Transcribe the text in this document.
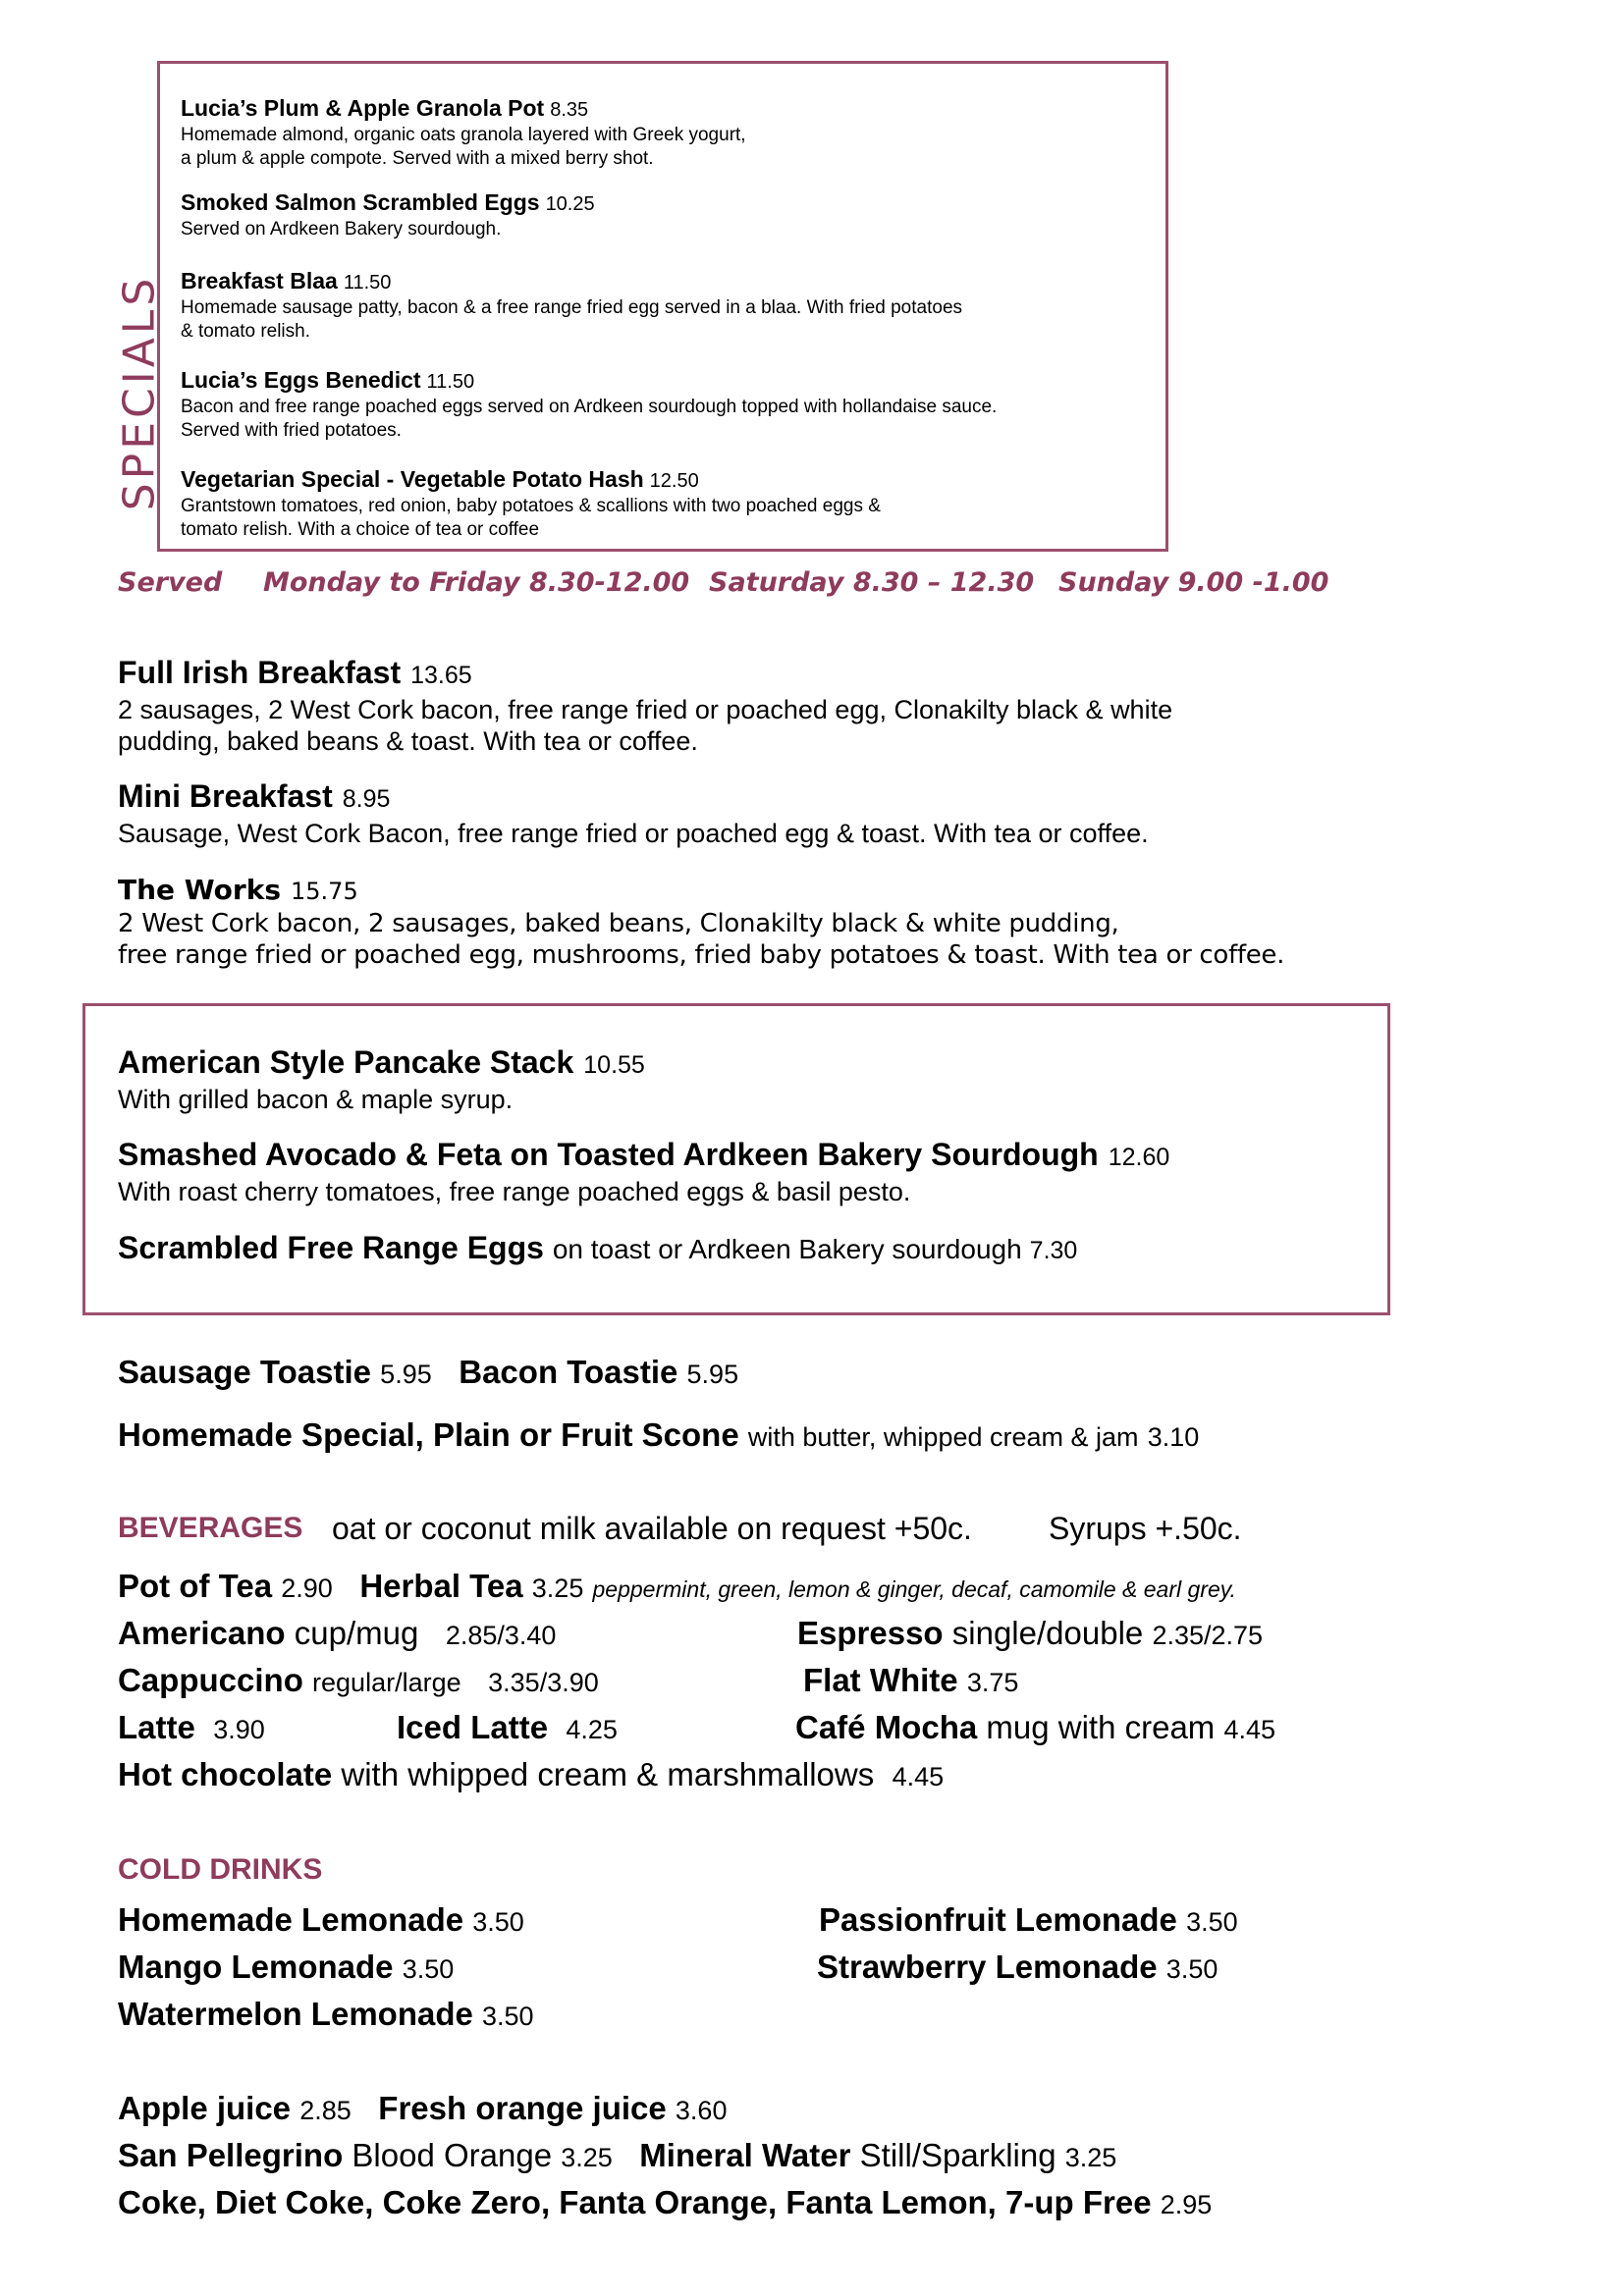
SPECIALS
Lucia’s Plum & Apple Granola Pot 8.35
Homemade almond, organic oats granola layered with Greek yogurt,
a plum & apple compote. Served with a mixed berry shot.
Smoked Salmon Scrambled Eggs 10.25
Served on Ardkeen Bakery sourdough.
Breakfast Blaa 11.50
Homemade sausage patty, bacon & a free range fried egg served in a blaa. With fried potatoes
& tomato relish.
Lucia’s Eggs Benedict 11.50
Bacon and free range poached eggs served on Ardkeen sourdough topped with hollandaise sauce.
Served with fried potatoes.
Vegetarian Special - Vegetable Potato Hash 12.50
Grantstown tomatoes, red onion, baby potatoes & scallions with two poached eggs &
tomato relish. With a choice of tea or coffee
Served Monday to Friday 8.30-12.00 Saturday 8.30 – 12.30 Sunday 9.00 -1.00
Full Irish Breakfast 13.65
2 sausages, 2 West Cork bacon, free range fried or poached egg, Clonakilty black & white
pudding, baked beans & toast. With tea or coffee.
Mini Breakfast 8.95
Sausage, West Cork Bacon, free range fried or poached egg & toast. With tea or coffee.
The Works 15.75
2 West Cork bacon, 2 sausages, baked beans, Clonakilty black & white pudding,
free range fried or poached egg, mushrooms, fried baby potatoes & toast. With tea or coffee.
American Style Pancake Stack 10.55
With grilled bacon & maple syrup.
Smashed Avocado & Feta on Toasted Ardkeen Bakery Sourdough 12.60
With roast cherry tomatoes, free range poached eggs & basil pesto.
Scrambled Free Range Eggs on toast or Ardkeen Bakery sourdough 7.30
Sausage Toastie 5.95 Bacon Toastie 5.95
Homemade Special, Plain or Fruit Scone with butter, whipped cream & jam 3.10
BEVERAGES oat or coconut milk available on request +50c. Syrups +.50c.
Pot of Tea 2.90 Herbal Tea 3.25 peppermint, green, lemon & ginger, decaf, camomile & earl grey.
Americano cup/mug 2.85/3.40	Espresso single/double 2.35/2.75
Cappuccino regular/large 3.35/3.90	Flat White 3.75
Latte 3.90	Iced Latte 4.25	Café Mocha mug with cream 4.45
Hot chocolate with whipped cream & marshmallows 4.45
COLD DRINKS
Homemade Lemonade 3.50	Passionfruit Lemonade 3.50
Mango Lemonade 3.50	Strawberry Lemonade 3.50
Watermelon Lemonade 3.50
Apple juice 2.85 Fresh orange juice 3.60
San Pellegrino Blood Orange 3.25 Mineral Water Still/Sparkling 3.25
Coke, Diet Coke, Coke Zero, Fanta Orange, Fanta Lemon, 7-up Free 2.95
